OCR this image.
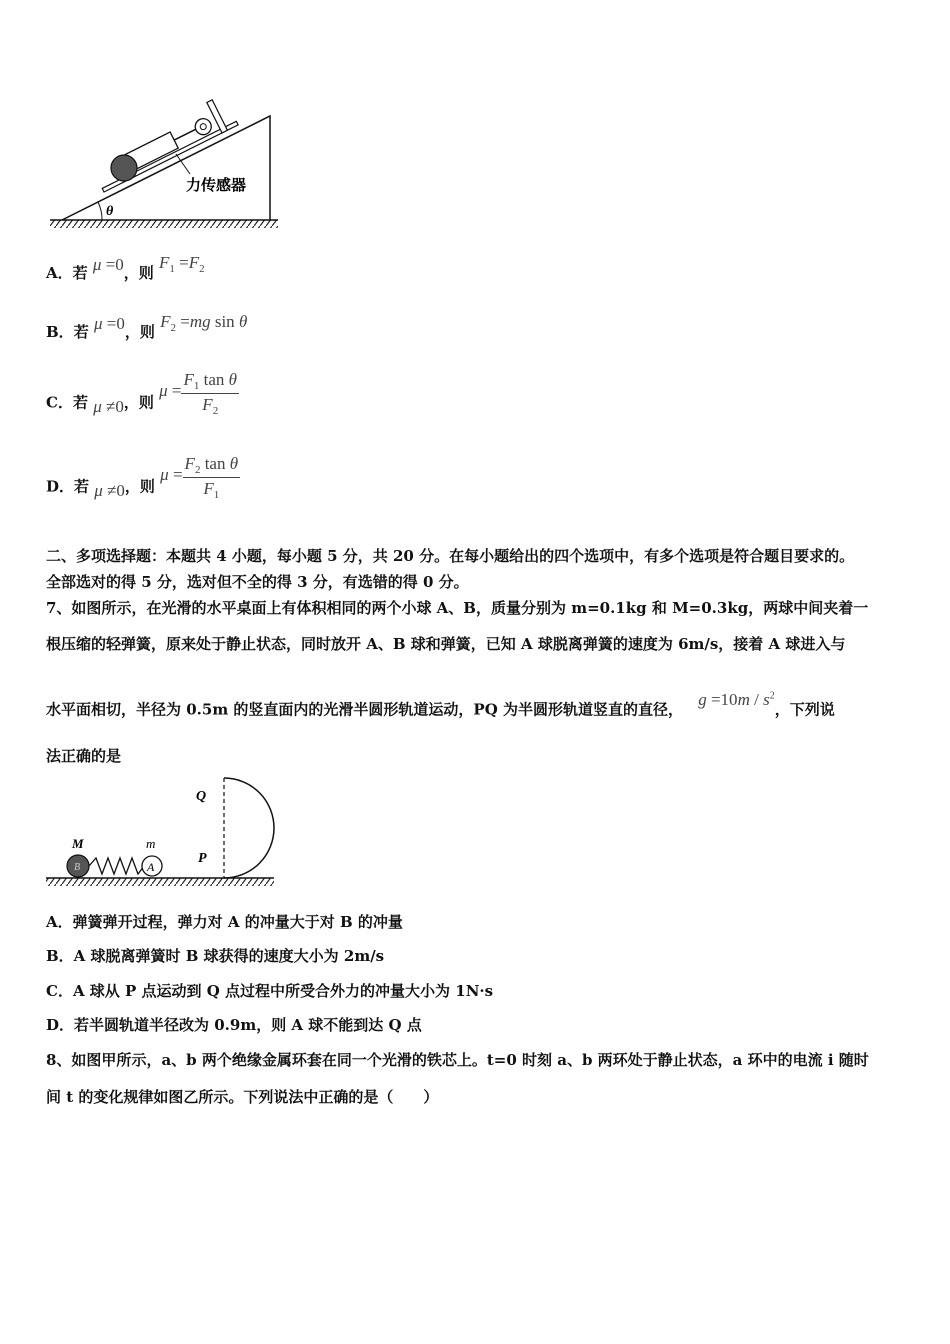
θ
力传感器
A．若 μ =0，则 $F_1 =F_2$
B．若 μ =0，则 $F_2 =mg$ sin θ
C．若 μ ≠0，则 $\mu = \frac{F_1 \tan \theta}{F_2}$
D．若 μ ≠0，则 $\mu = \frac{F_2 \tan \theta}{F_1}$
二、多项选择题：本题共 4 小题，每小题 5 分，共 20 分。在每小题给出的四个选项中，有多个选项是符合题目要求的。
全部选对的得 5 分，选对但不全的得 3 分，有选错的得 0 分。
7、如图所示，在光滑的水平桌面上有体积相同的两个小球 A、B，质量分别为 m=0.1kg 和 M=0.3kg，两球中间夹着一
根压缩的轻弹簧，原来处于静止状态，同时放开 A、B 球和弹簧，已知 A 球脱离弹簧的速度为 6m/s，接着 A 球进入与
水平面相切，半径为 0.5m 的竖直面内的光滑半圆形轨道运动，PQ 为半圆形轨道竖直的直径， $g =10m / s^2$，下列说
法正确的是
Q
P
B
M
A
m
A．弹簧弹开过程，弹力对 A 的冲量大于对 B 的冲量
B．A 球脱离弹簧时 B 球获得的速度大小为 2m/s
C．A 球从 P 点运动到 Q 点过程中所受合外力的冲量大小为 1N·s
D．若半圆轨道半径改为 0.9m，则 A 球不能到达 Q 点
8、如图甲所示，a、b 两个绝缘金属环套在同一个光滑的铁芯上。t=0 时刻 a、b 两环处于静止状态，a 环中的电流 i 随时
间 t 的变化规律如图乙所示。下列说法中正确的是（　　）
